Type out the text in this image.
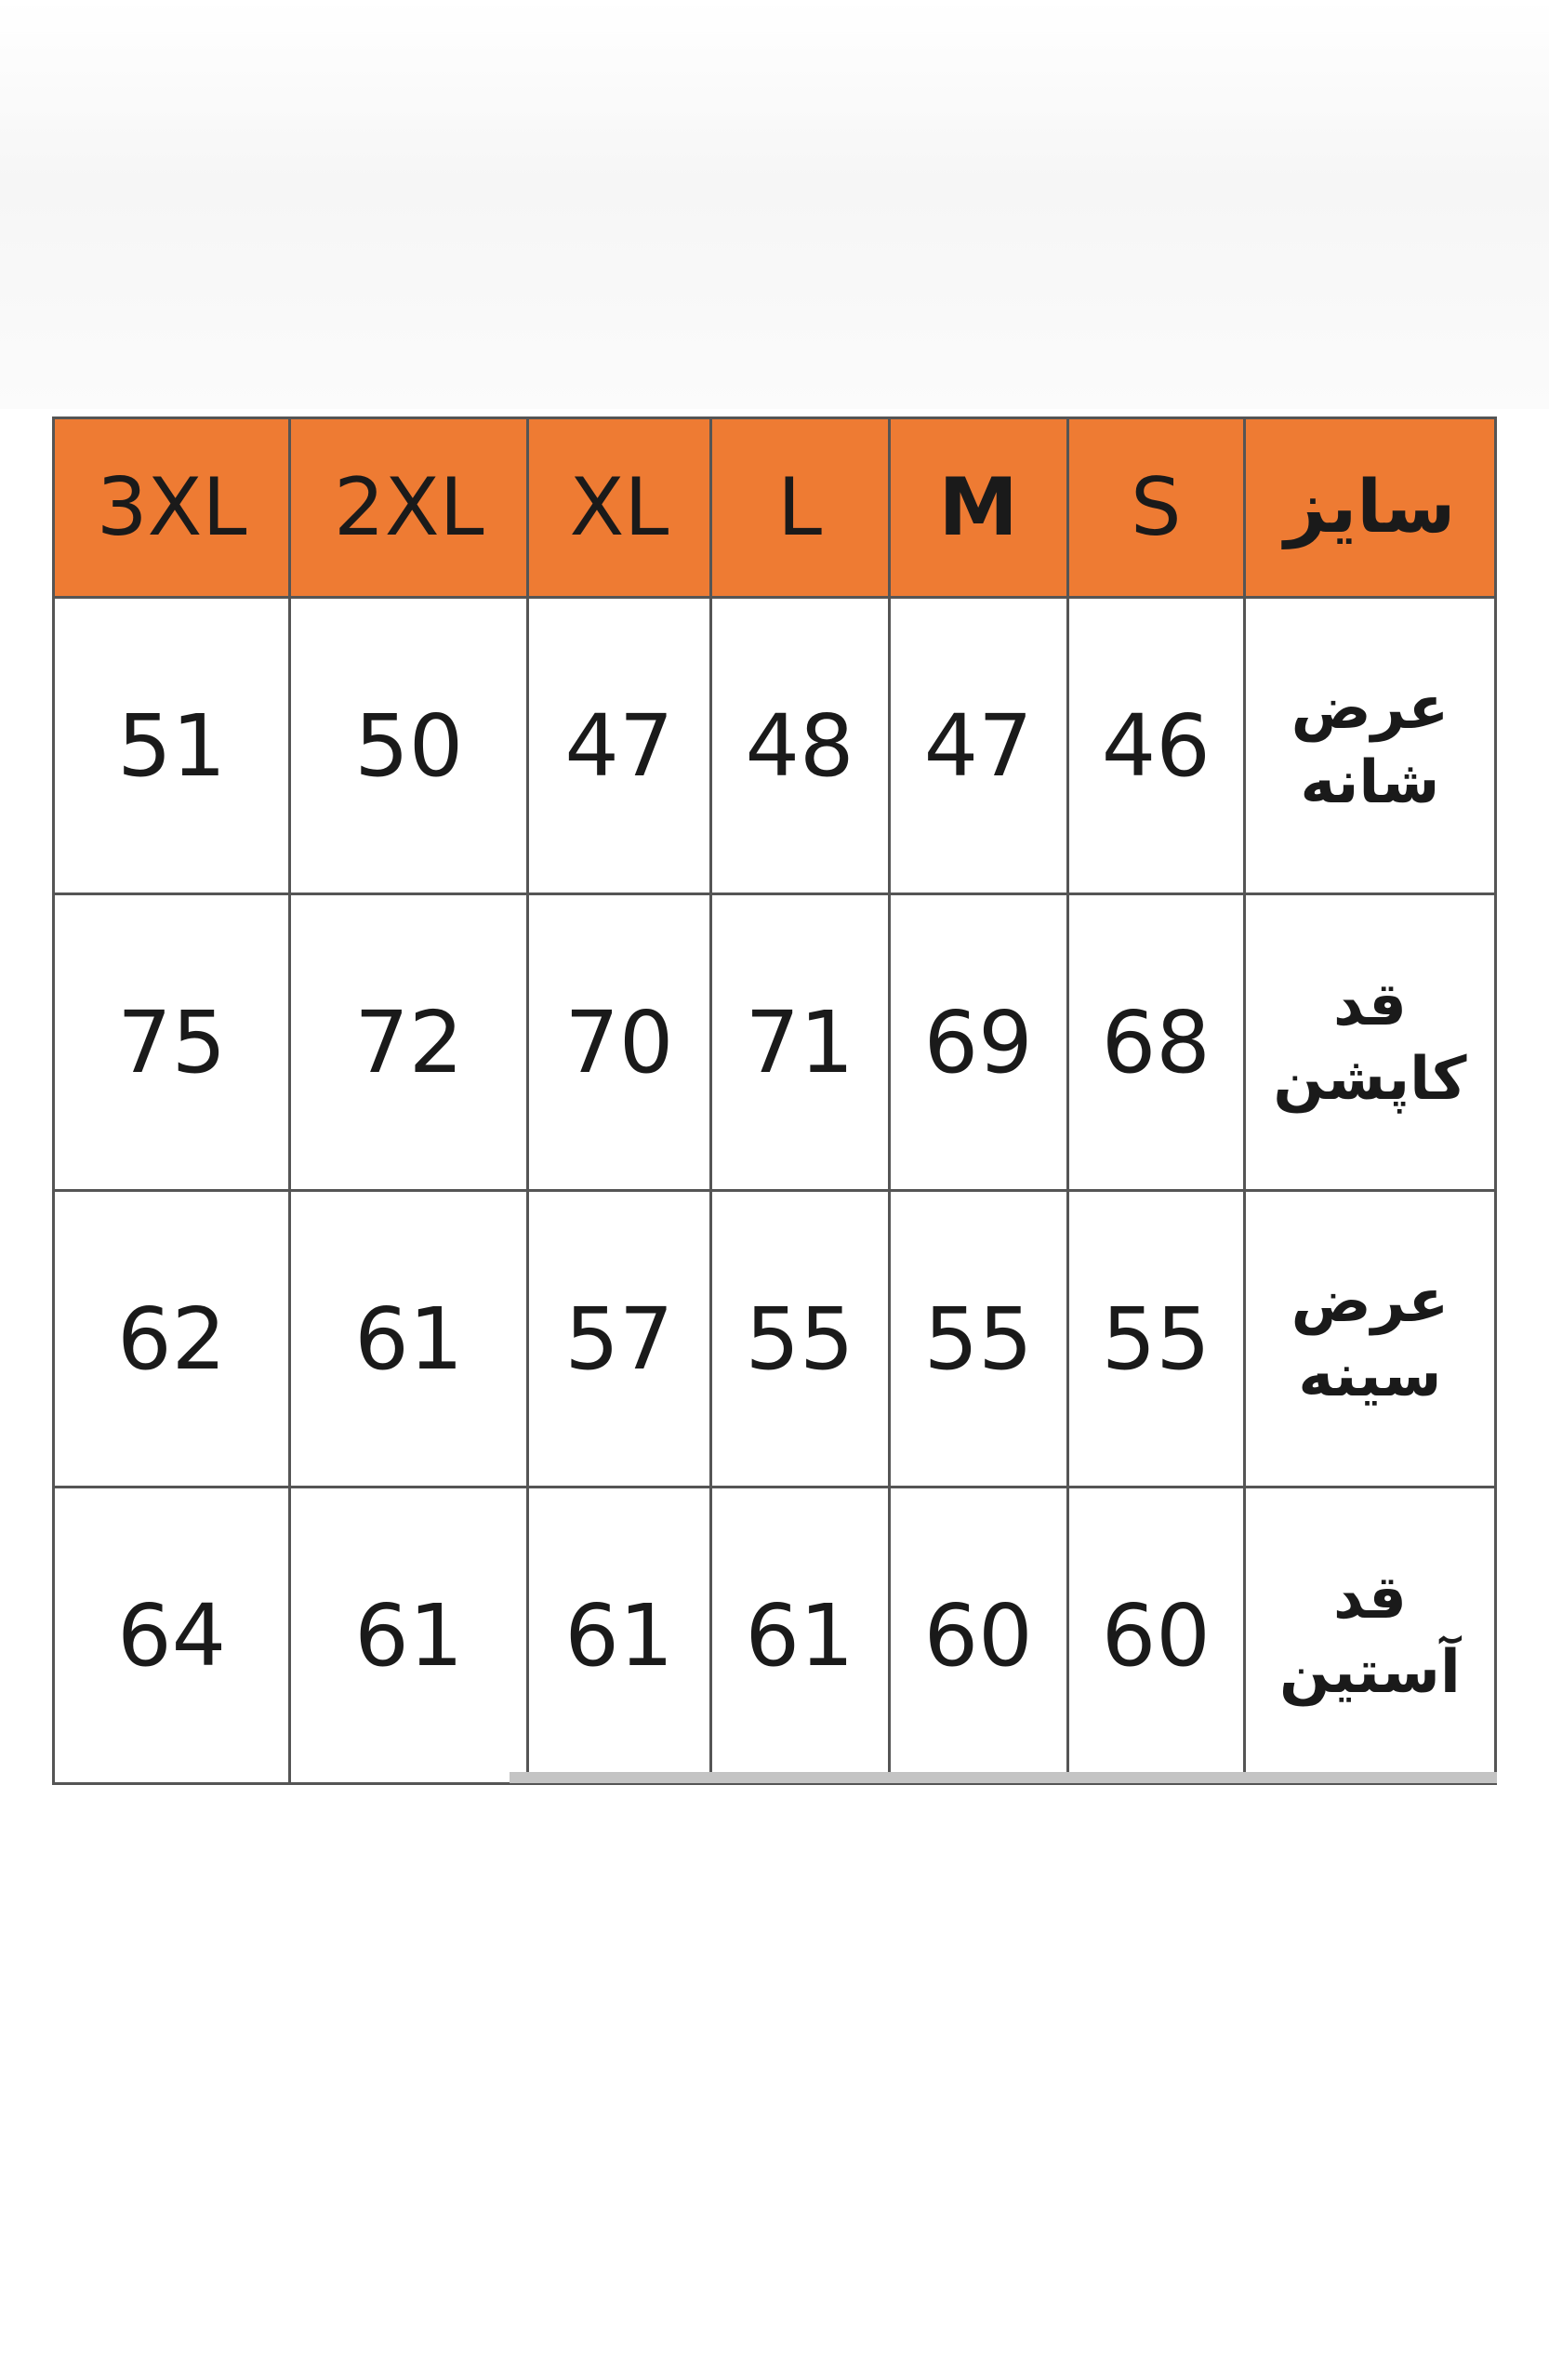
سایز	S	M	L	XL	2XL	3XL

عرض
شانه	46	47	48	47	50	51

قد
کاپشن	68	69	71	70	72	75

عرض
سینه	55	55	55	57	61	62

قد
آستین	60	60	61	61	61	64
